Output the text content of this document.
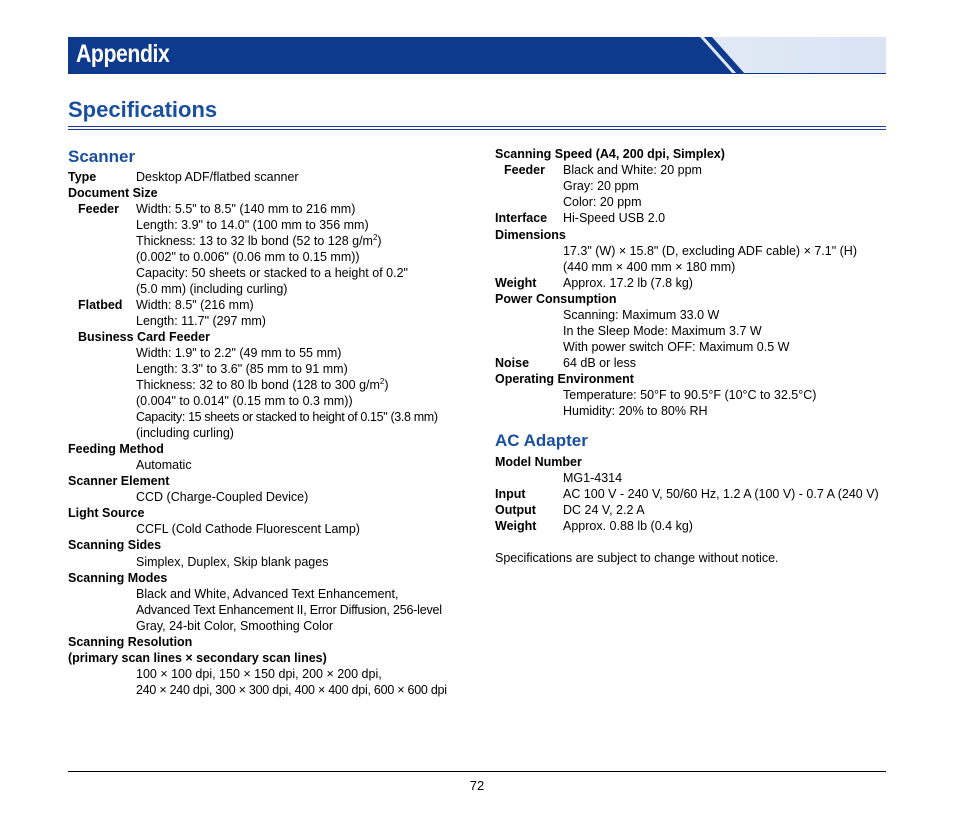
Appendix
Specifications
Scanner
Type	Desktop ADF/flatbed scanner
Document Size
Feeder Width: 5.5" to 8.5" (140 mm to 216 mm)
Length: 3.9" to 14.0" (100 mm to 356 mm)
Thickness: 13 to 32 lb bond (52 to 128 $g/m^2$)
(0.002" to 0.006" (0.06 mm to 0.15 mm))
Capacity: 50 sheets or stacked to a height of 0.2"
(5.0 mm) (including curling)
Flatbed Width: 8.5" (216 mm)
Length: 11.7" (297 mm)
Business Card Feeder
Width: 1.9" to 2.2" (49 mm to 55 mm)
Length: 3.3" to 3.6" (85 mm to 91 mm)
Thickness: 32 to 80 lb bond (128 to 300 $g/m^2$)
(0.004" to 0.014" (0.15 mm to 0.3 mm))
Capacity: 15 sheets or stacked to height of 0.15" (3.8 mm)
(including curling)
Feeding Method
Automatic
Scanner Element
CCD (Charge-Coupled Device)
Light Source
CCFL (Cold Cathode Fluorescent Lamp)
Scanning Sides
Simplex, Duplex, Skip blank pages
Scanning Modes
Black and White, Advanced Text Enhancement,
Advanced Text Enhancement II, Error Diffusion, 256-level
Gray, 24-bit Color, Smoothing Color
Scanning Resolution
(primary scan lines × secondary scan lines)
100 × 100 dpi, 150 × 150 dpi, 200 × 200 dpi,
240 × 240 dpi, 300 × 300 dpi, 400 × 400 dpi, 600 × 600 dpi
Scanning Speed (A4, 200 dpi, Simplex)
Feeder Black and White: 20 ppm
Gray: 20 ppm
Color: 20 ppm
Interface Hi-Speed USB 2.0
Dimensions
17.3" (W) × 15.8" (D, excluding ADF cable) × 7.1" (H)
(440 mm × 400 mm × 180 mm)
Weight Approx. 17.2 lb (7.8 kg)
Power Consumption
Scanning: Maximum 33.0 W
In the Sleep Mode: Maximum 3.7 W
With power switch OFF: Maximum 0.5 W
Noise	64 dB or less
Operating Environment
Temperature: 50°F to 90.5°F (10°C to 32.5°C)
Humidity: 20% to 80% RH
AC Adapter
Model Number
MG1-4314
Input	AC 100 V - 240 V, 50/60 Hz, 1.2 A (100 V) - 0.7 A (240 V)
Output DC 24 V, 2.2 A
Weight Approx. 0.88 lb (0.4 kg)
Specifications are subject to change without notice.
72
